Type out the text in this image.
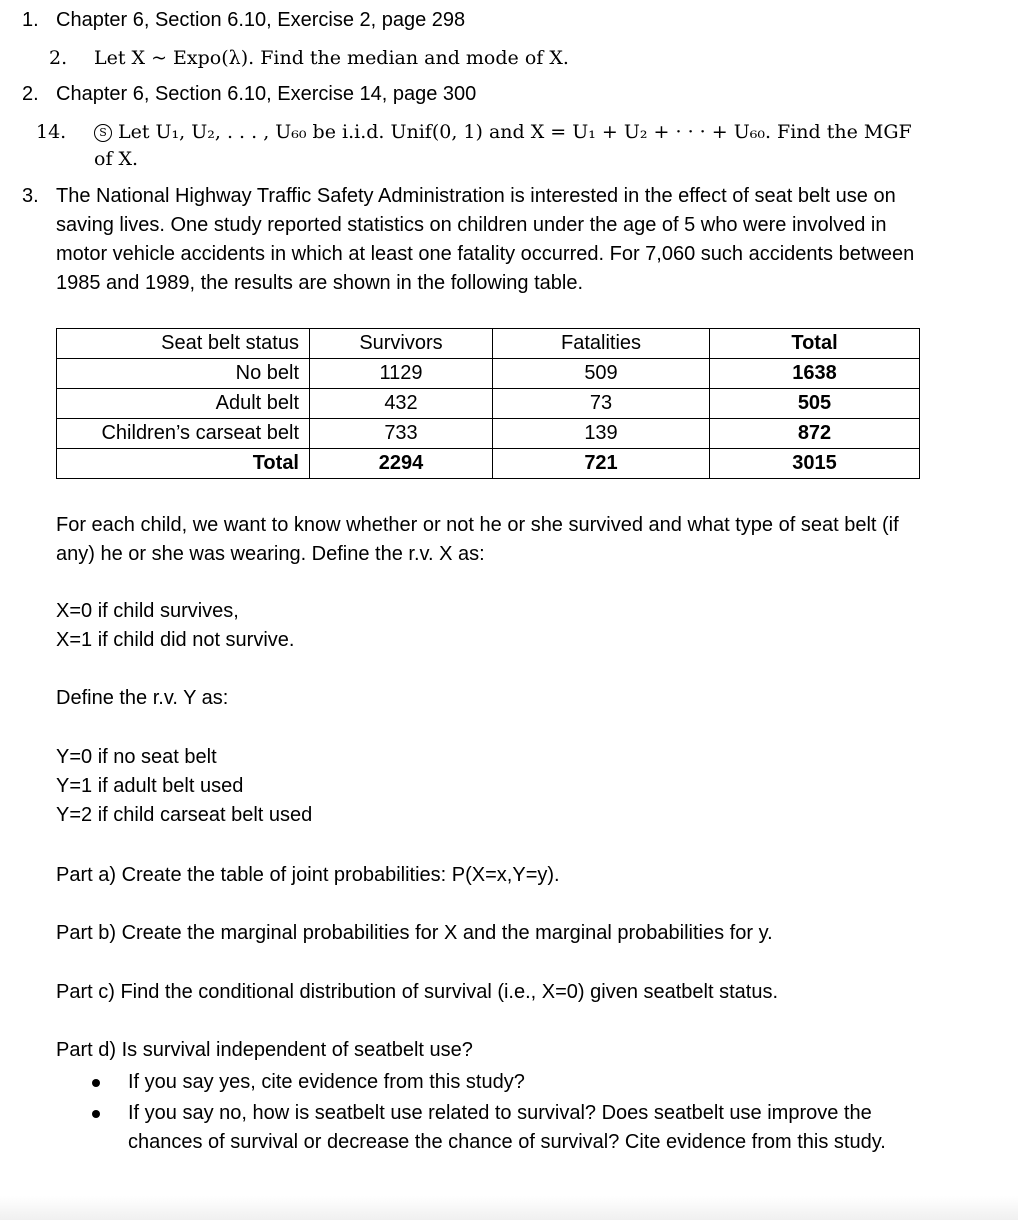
1. Chapter 6, Section 6.10, Exercise 2, page 298
2. Let X ~ Expo(λ). Find the median and mode of X.
2. Chapter 6, Section 6.10, Exercise 14, page 300
14.	S Let U₁, U₂, . . . , U₆₀ be i.i.d. Unif(0, 1) and X = U₁ + U₂ + · · · + U₆₀. Find the MGF
of X.
3. The National Highway Traffic Safety Administration is interested in the effect of seat belt use on saving lives. One study reported statistics on children under the age of 5 who were involved in motor vehicle accidents in which at least one fatality occurred. For 7,060 such accidents between 1985 and 1989, the results are shown in the following table.
Seat belt status	Survivors	Fatalities	Total
No belt	1129	509	1638
Adult belt	432	73	505
Children’s carseat belt	733	139	872
Total	2294	721	3015
For each child, we want to know whether or not he or she survived and what type of seat belt (if any) he or she was wearing. Define the r.v. X as:
X=0 if child survives,
X=1 if child did not survive.
Define the r.v. Y as:
Y=0 if no seat belt
Y=1 if adult belt used
Y=2 if child carseat belt used
Part a) Create the table of joint probabilities: P(X=x,Y=y).
Part b) Create the marginal probabilities for X and the marginal probabilities for y.
Part c) Find the conditional distribution of survival (i.e., X=0) given seatbelt status.
Part d) Is survival independent of seatbelt use?
If you say yes, cite evidence from this study?
If you say no, how is seatbelt use related to survival? Does seatbelt use improve the chances of survival or decrease the chance of survival? Cite evidence from this study.
